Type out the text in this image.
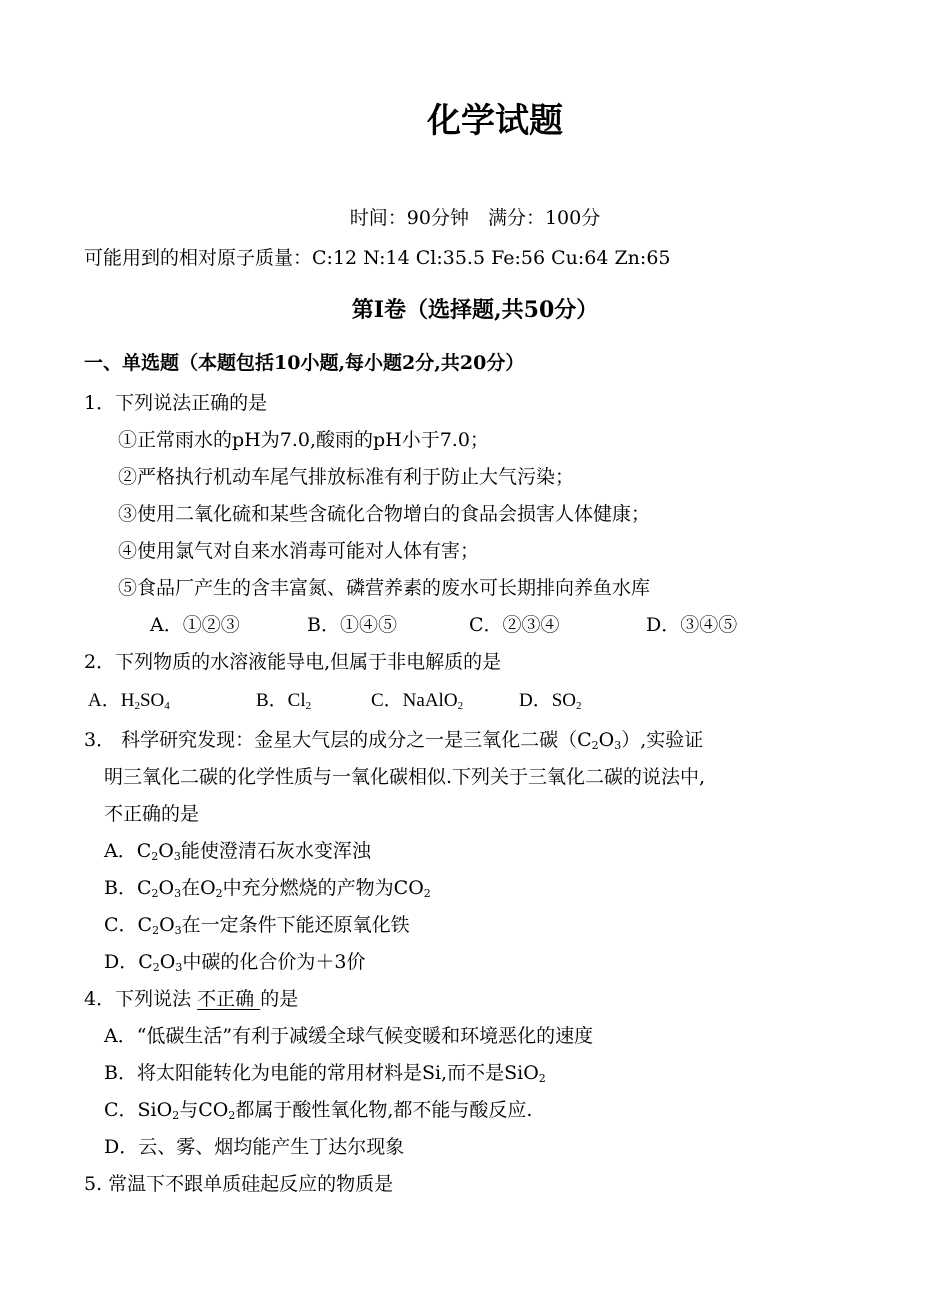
化学试题
时间：90分钟　满分：100分
可能用到的相对原子质量：C:12 N:14 Cl:35.5 Fe:56 Cu:64 Zn:65
第Ⅰ卷（选择题,共50分）
一、单选题（本题包括10小题,每小题2分,共20分）
1．下列说法正确的是
①正常雨水的pH为7.0,酸雨的pH小于7.0；
②严格执行机动车尾气排放标准有利于防止大气污染；
③使用二氧化硫和某些含硫化合物增白的食品会损害人体健康；
④使用氯气对自来水消毒可能对人体有害；
⑤食品厂产生的含丰富氮、磷营养素的废水可长期排向养鱼水库
A．①②③	B．①④⑤	C．②③④	D．③④⑤
2．下列物质的水溶液能导电,但属于非电解质的是
A．$H_2SO_4$	B．$Cl_2$	C．NaAlO$_2$	D．$SO_2$
3． 科学研究发现：金星大气层的成分之一是三氧化二碳$(C_2O_3)$,实验证
明三氧化二碳的化学性质与一氧化碳相似.下列关于三氧化二碳的说法中,
不正确的是
A．$C_2O_3$能使澄清石灰水变浑浊
B．$C_2O_3$在$O_2$中充分燃烧的产物为$CO_2$
C．$C_2O_3$在一定条件下能还原氧化铁
D．$C_2O_3$中碳的化合价为＋3价
4．下列说法 不正确 的是
A．“低碳生活”有利于减缓全球气候变暖和环境恶化的速度
B．将太阳能转化为电能的常用材料是Si,而不是SiO$_2$
C．SiO$_2$与$CO_2$都属于酸性氧化物,都不能与酸反应.
D．云、雾、烟均能产生丁达尔现象
5. 常温下不跟单质硅起反应的物质是
